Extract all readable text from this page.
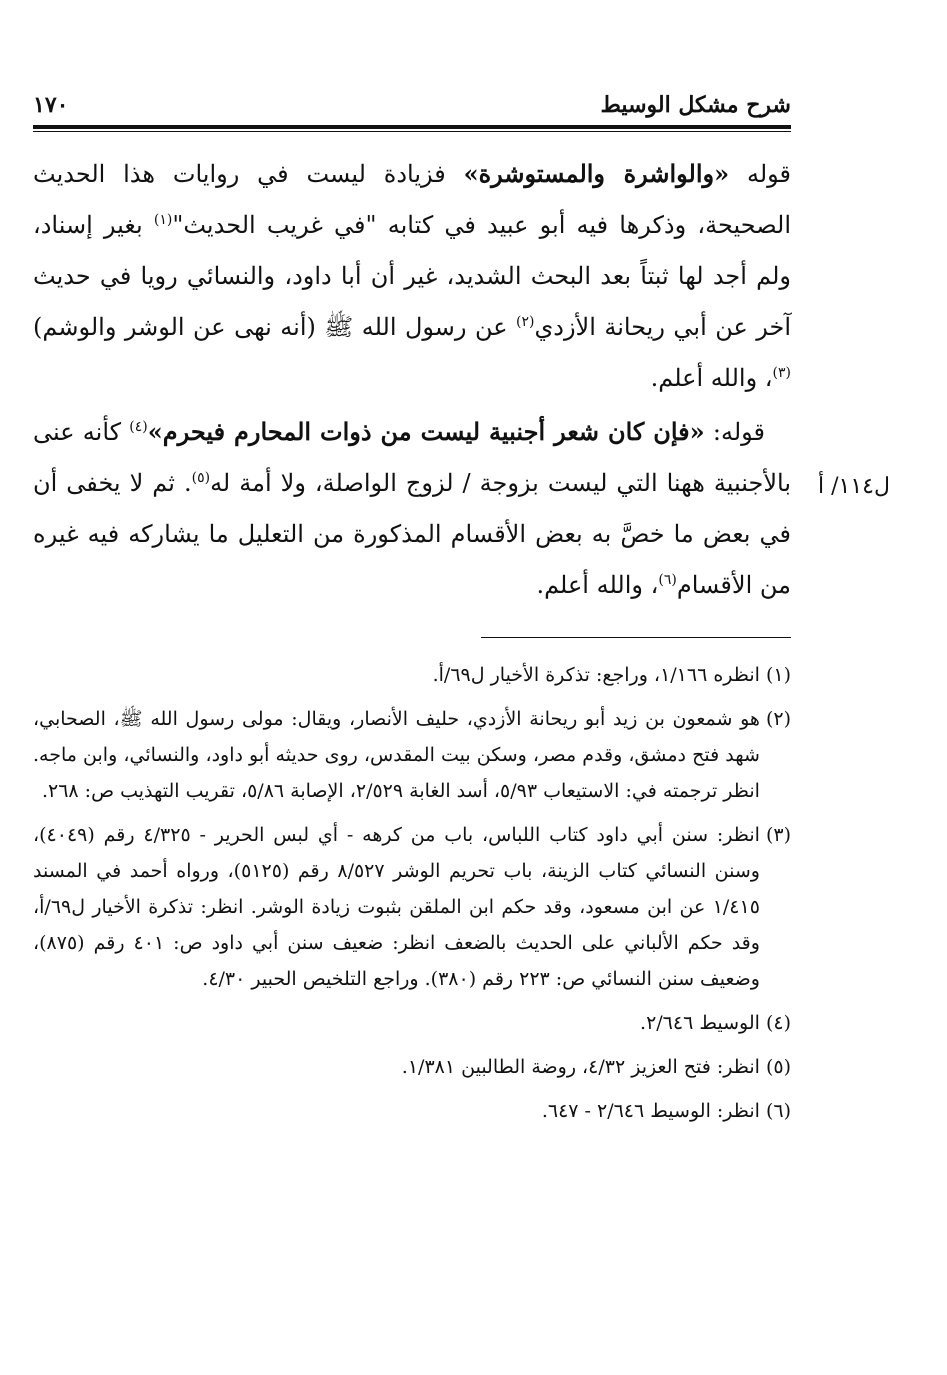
شرح مشكل الوسيط
١٧٠
ل١١٤/ أ

قوله «والواشرة والمستوشرة» فزيادة ليست في روايات هذا الحديث الصحيحة، وذكرها فيه أبو عبيد في كتابه "في غريب الحديث"$^{(١)}$ بغير إسناد، ولم أجد لها ثبتاً بعد البحث الشديد، غير أن أبا داود، والنسائي رويا في حديث آخر عن أبي ريحانة الأزدي$^{(٢)}$ عن رسول الله ﷺ (أنه نهى عن الوشر والوشم)$^{(٣)}$، والله أعلم.

قوله: «فإن كان شعر أجنبية ليست من ذوات المحارم فيحرم»$^{(٤)}$ كأنه عنى بالأجنبية ههنا التي ليست بزوجة / لزوج الواصلة، ولا أمة له$^{(٥)}$. ثم لا يخفى أن في بعض ما خصَّ به بعض الأقسام المذكورة من التعليل ما يشاركه فيه غيره من الأقسام$^{(٦)}$، والله أعلم.

(١)
انظره ١/١٦٦، وراجع: تذكرة الأخيار ل٦٩/أ.
(٢)
هو شمعون بن زيد أبو ريحانة الأزدي، حليف الأنصار، ويقال: مولى رسول الله ﷺ، الصحابي، شهد فتح دمشق، وقدم مصر، وسكن بيت المقدس، روى حديثه أبو داود، والنسائي، وابن ماجه. انظر ترجمته في: الاستيعاب ٥/٩٣، أسد الغابة ٢/٥٢٩، الإصابة ٥/٨٦، تقريب التهذيب ص: ٢٦٨.
(٣)
انظر: سنن أبي داود كتاب اللباس، باب من كرهه - أي لبس الحرير - ٤/٣٢٥ رقم (٤٠٤٩)، وسنن النسائي كتاب الزينة، باب تحريم الوشر ٨/٥٢٧ رقم (٥١٢٥)، ورواه أحمد في المسند ١/٤١٥ عن ابن مسعود، وقد حكم ابن الملقن بثبوت زيادة الوشر. انظر: تذكرة الأخيار ل٦٩/أ، وقد حكم الألباني على الحديث بالضعف انظر: ضعيف سنن أبي داود ص: ٤٠١ رقم (٨٧٥)، وضعيف سنن النسائي ص: ٢٢٣ رقم (٣٨٠). وراجع التلخيص الحبير ٤/٣٠.
(٤)
الوسيط ٢/٦٤٦.
(٥)
انظر: فتح العزيز ٤/٣٢، روضة الطالبين ١/٣٨١.
(٦)
انظر: الوسيط ٢/٦٤٦ - ٦٤٧.
